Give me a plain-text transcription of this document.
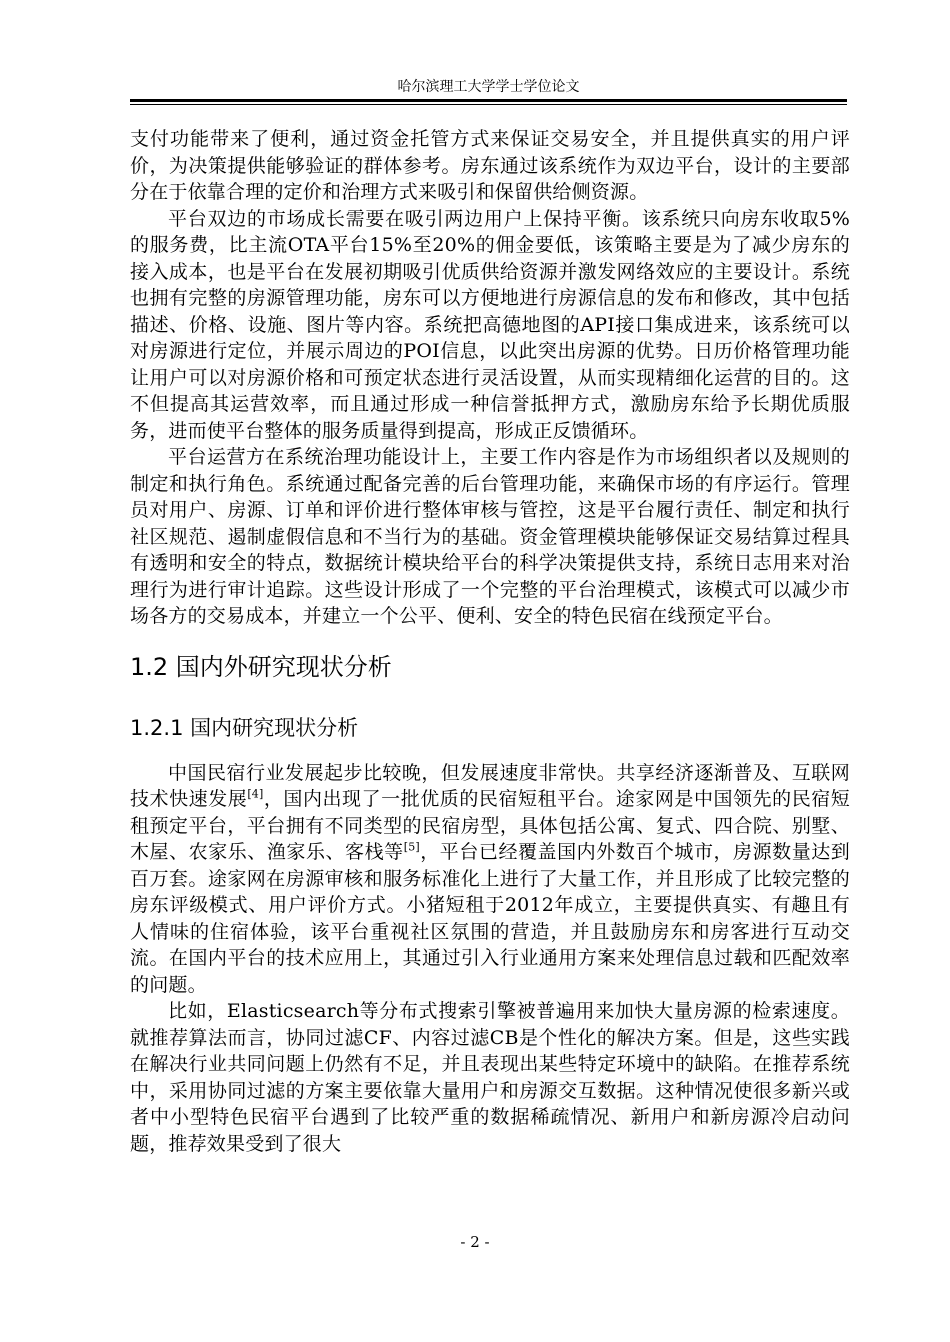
哈尔滨理工大学学士学位论文

支付功能带来了便利，通过资金托管方式来保证交易安全，并且提供真实的用户评价，为决策提供能够验证的群体参考。房东通过该系统作为双边平台，设计的主要部分在于依靠合理的定价和治理方式来吸引和保留供给侧资源。

平台双边的市场成长需要在吸引两边用户上保持平衡。该系统只向房东收取5%的服务费，比主流OTA平台15%至20%的佣金要低，该策略主要是为了减少房东的接入成本，也是平台在发展初期吸引优质供给资源并激发网络效应的主要设计。系统也拥有完整的房源管理功能，房东可以方便地进行房源信息的发布和修改，其中包括描述、价格、设施、图片等内容。系统把高德地图的API接口集成进来，该系统可以对房源进行定位，并展示周边的POI信息，以此突出房源的优势。日历价格管理功能让用户可以对房源价格和可预定状态进行灵活设置，从而实现精细化运营的目的。这不但提高其运营效率，而且通过形成一种信誉抵押方式，激励房东给予长期优质服务，进而使平台整体的服务质量得到提高，形成正反馈循环。

平台运营方在系统治理功能设计上，主要工作内容是作为市场组织者以及规则的制定和执行角色。系统通过配备完善的后台管理功能，来确保市场的有序运行。管理员对用户、房源、订单和评价进行整体审核与管控，这是平台履行责任、制定和执行社区规范、遏制虚假信息和不当行为的基础。资金管理模块能够保证交易结算过程具有透明和安全的特点，数据统计模块给平台的科学决策提供支持，系统日志用来对治理行为进行审计追踪。这些设计形成了一个完整的平台治理模式，该模式可以减少市场各方的交易成本，并建立一个公平、便利、安全的特色民宿在线预定平台。

1.2 国内外研究现状分析
1.2.1 国内研究现状分析

中国民宿行业发展起步比较晚，但发展速度非常快。共享经济逐渐普及、互联网技术快速发展[4]，国内出现了一批优质的民宿短租平台。途家网是中国领先的民宿短租预定平台，平台拥有不同类型的民宿房型，具体包括公寓、复式、四合院、别墅、木屋、农家乐、渔家乐、客栈等[5]，平台已经覆盖国内外数百个城市，房源数量达到百万套。途家网在房源审核和服务标准化上进行了大量工作，并且形成了比较完整的房东评级模式、用户评价方式。小猪短租于2012年成立，主要提供真实、有趣且有人情味的住宿体验，该平台重视社区氛围的营造，并且鼓励房东和房客进行互动交流。在国内平台的技术应用上，其通过引入行业通用方案来处理信息过载和匹配效率的问题。

比如，Elasticsearch等分布式搜索引擎被普遍用来加快大量房源的检索速度。就推荐算法而言，协同过滤CF、内容过滤CB是个性化的解决方案。但是，这些实践在解决行业共同问题上仍然有不足，并且表现出某些特定环境中的缺陷。在推荐系统中，采用协同过滤的方案主要依靠大量用户和房源交互数据。这种情况使很多新兴或者中小型特色民宿平台遇到了比较严重的数据稀疏情况、新用户和新房源冷启动问题，推荐效果受到了很大

- 2 -
